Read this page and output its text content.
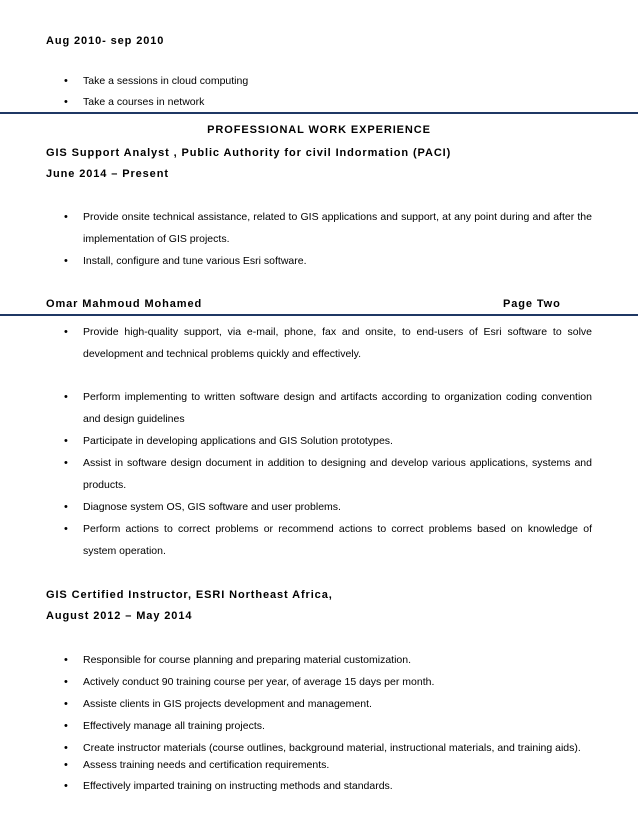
Aug 2010- sep 2010
• Take a sessions in cloud computing
• Take a courses in network
PROFESSIONAL WORK EXPERIENCE
GIS Support Analyst , Public Authority for civil Indormation (PACI)
June 2014 – Present
• Provide onsite technical assistance, related to GIS applications and support, at any point during and after the implementation of GIS projects.
• Install, configure and tune various Esri software.
Omar Mahmoud Mohamed	Page Two
• Provide high-quality support, via e-mail, phone, fax and onsite, to end-users of Esri software to solve development and technical problems quickly and effectively.
• Perform implementing to written software design and artifacts according to organization coding convention and design guidelines
• Participate in developing applications and GIS Solution prototypes.
• Assist in software design document in addition to designing and develop various applications, systems and products.
• Diagnose system OS, GIS software and user problems.
• Perform actions to correct problems or recommend actions to correct problems based on knowledge of system operation.
GIS Certified Instructor, ESRI Northeast Africa,
August 2012 – May 2014
• Responsible for course planning and preparing material customization.
• Actively conduct 90 training course per year, of average 15 days per month.
• Assiste clients in GIS projects development and management.
• Effectively manage all training projects.
• Create instructor materials (course outlines, background material, instructional materials, and training aids).
• Assess training needs and certification requirements.
• Effectively imparted training on instructing methods and standards.
